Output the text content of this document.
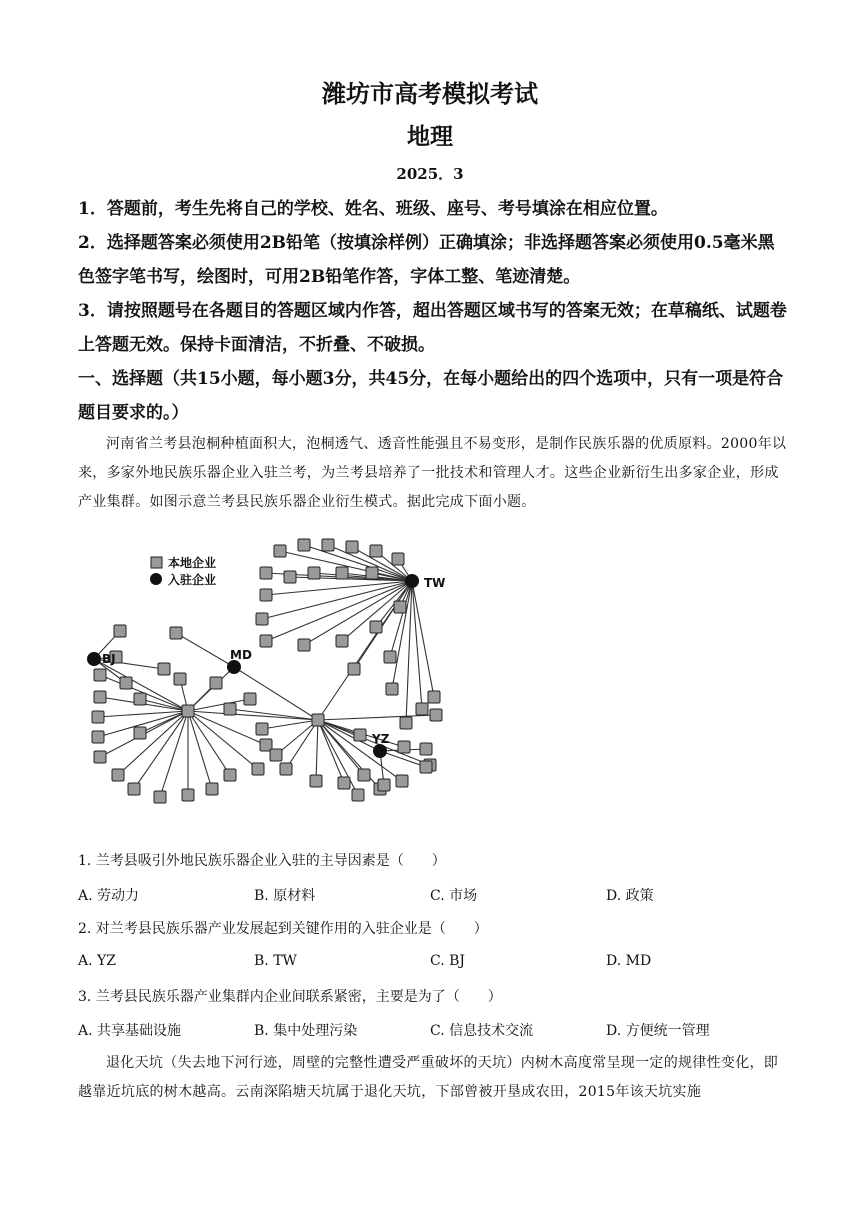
潍坊市高考模拟考试
地理
2025．3

1．答题前，考生先将自己的学校、姓名、班级、座号、考号填涂在相应位置。

2．选择题答案必须使用2B铅笔（按填涂样例）正确填涂；非选择题答案必须使用0.5毫米黑色签字笔书写，绘图时，可用2B铅笔作答，字体工整、笔迹清楚。

3．请按照题号在各题目的答题区域内作答，超出答题区域书写的答案无效；在草稿纸、试题卷上答题无效。保持卡面清洁，不折叠、不破损。

一、选择题（共15小题，每小题3分，共45分，在每小题给出的四个选项中，只有一项是符合题目要求的。）

河南省兰考县泡桐种植面积大，泡桐透气、透音性能强且不易变形，是制作民族乐器的优质原料。2000年以来，多家外地民族乐器企业入驻兰考，为兰考县培养了一批技术和管理人才。这些企业新衍生出多家企业，形成产业集群。如图示意兰考县民族乐器企业衍生模式。据此完成下面小题。

本地企业
入驻企业	TW
BJ	MD
YZ

1. 兰考县吸引外地民族乐器企业入驻的主导因素是（　　）

A. 劳动力	B. 原材料	C. 市场	D. 政策

2. 对兰考县民族乐器产业发展起到关键作用的入驻企业是（　　）

A. YZ	B. TW	C. BJ	D. MD

3. 兰考县民族乐器产业集群内企业间联系紧密，主要是为了（　　）

A. 共享基础设施	B. 集中处理污染	C. 信息技术交流	D. 方便统一管理

退化天坑（失去地下河行迹，周壁的完整性遭受严重破坏的天坑）内树木高度常呈现一定的规律性变化，即越靠近坑底的树木越高。云南深陷塘天坑属于退化天坑，下部曾被开垦成农田，2015年该天坑实施
